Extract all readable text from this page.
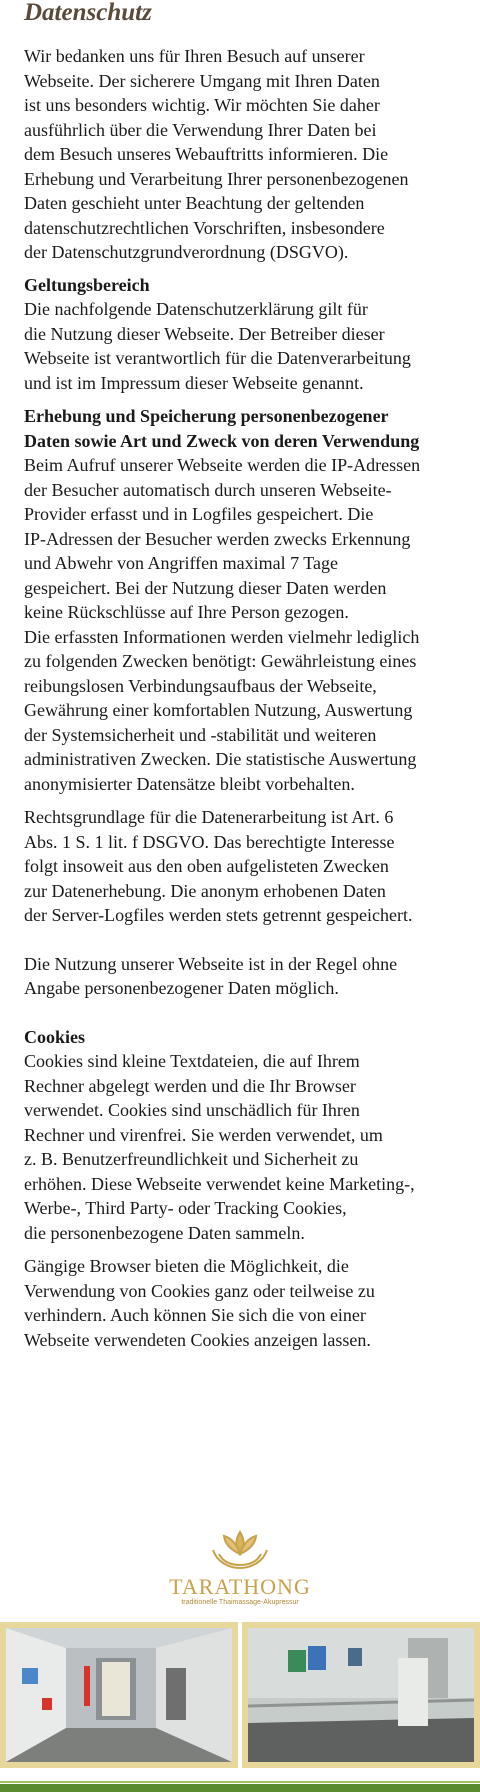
Datenschutz

Wir bedanken uns für Ihren Besuch auf unserer
Webseite. Der sicherere Umgang mit Ihren Daten
ist uns besonders wichtig. Wir möchten Sie daher
ausführlich über die Verwendung Ihrer Daten bei
dem Besuch unseres Webauftritts informieren. Die
Erhebung und Verarbeitung Ihrer personenbezogenen
Daten geschieht unter Beachtung der geltenden
datenschutzrechtlichen Vorschriften, insbesondere
der Datenschutzgrundverordnung (DSGVO).

Geltungsbereich

Die nachfolgende Datenschutzerklärung gilt für
die Nutzung dieser Webseite. Der Betreiber dieser
Webseite ist verantwortlich für die Datenverarbeitung
und ist im Impressum dieser Webseite genannt.

Erhebung und Speicherung personenbezogener
Daten sowie Art und Zweck von deren Verwendung

Beim Aufruf unserer Webseite werden die IP-Adressen
der Besucher automatisch durch unseren Webseite-
Provider erfasst und in Logfiles gespeichert. Die
IP-Adressen der Besucher werden zwecks Erkennung
und Abwehr von Angriffen maximal 7 Tage
gespeichert. Bei der Nutzung dieser Daten werden
keine Rückschlüsse auf Ihre Person gezogen.
Die erfassten Informationen werden vielmehr lediglich
zu folgenden Zwecken benötigt: Gewährleistung eines
reibungslosen Verbindungsaufbaus der Webseite,
Gewährung einer komfortablen Nutzung, Auswertung
der Systemsicherheit und -stabilität und weiteren
administrativen Zwecken. Die statistische Auswertung
anonymisierter Datensätze bleibt vorbehalten.

Rechtsgrundlage für die Datenerarbeitung ist Art. 6
Abs. 1 S. 1 lit. f DSGVO. Das berechtigte Interesse
folgt insoweit aus den oben aufgelisteten Zwecken
zur Datenerhebung. Die anonym erhobenen Daten
der Server-Logfiles werden stets getrennt gespeichert.

Die Nutzung unserer Webseite ist in der Regel ohne
Angabe personenbezogener Daten möglich.

Cookies

Cookies sind kleine Textdateien, die auf Ihrem
Rechner abgelegt werden und die Ihr Browser
verwendet. Cookies sind unschädlich für Ihren
Rechner und virenfrei. Sie werden verwendet, um
z. B. Benutzerfreundlichkeit und Sicherheit zu
erhöhen. Diese Webseite verwendet keine Marketing-,
Werbe-, Third Party- oder Tracking Cookies,
die personenbezogene Daten sammeln.

Gängige Browser bieten die Möglichkeit, die
Verwendung von Cookies ganz oder teilweise zu
verhindern. Auch können Sie sich die von einer
Webseite verwendeten Cookies anzeigen lassen.

TARATHONG
traditionelle Thaimassage-Akupressur
